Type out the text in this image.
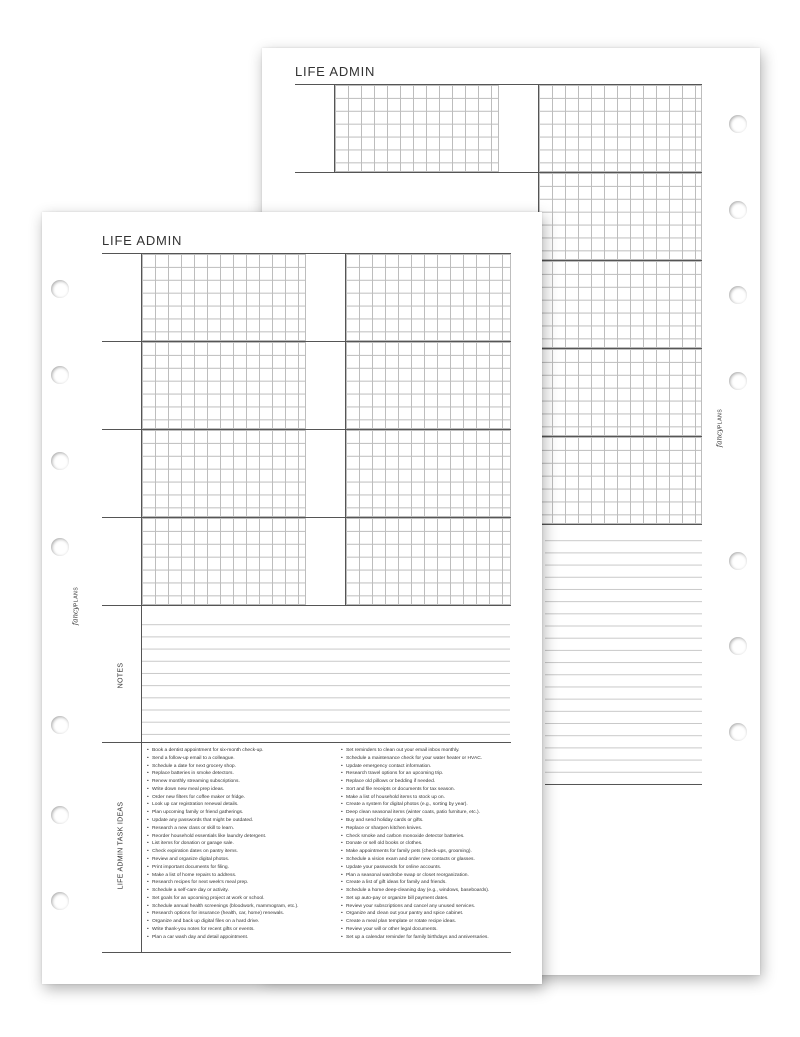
LIFE ADMIN
fancyPLANS
LIFE ADMIN
NOTES
LIFE ADMIN TASK IDEAS
• Book a dentist appointment for six-month check-up.
• Send a follow-up email to a colleague.
• Schedule a date for next grocery shop.
• Replace batteries in smoke detectors.
• Renew monthly streaming subscriptions.
• Write down new meal prep ideas.
• Order new filters for coffee maker or fridge.
• Look up car registration renewal details.
• Plan upcoming family or friend gatherings.
• Update any passwords that might be outdated.
• Research a new class or skill to learn.
• Reorder household essentials like laundry detergent.
• List items for donation or garage sale.
• Check expiration dates on pantry items.
• Review and organize digital photos.
• Print important documents for filing.
• Make a list of home repairs to address.
• Research recipes for next week's meal prep.
• Schedule a self-care day or activity.
• Set goals for an upcoming project at work or school.
• Schedule annual health screenings (bloodwork, mammogram, etc.).
• Research options for insurance (health, car, home) renewals.
• Organize and back up digital files on a hard drive.
• Write thank-you notes for recent gifts or events.
• Plan a car wash day and detail appointment.
• Set reminders to clean out your email inbox monthly.
• Schedule a maintenance check for your water heater or HVAC.
• Update emergency contact information.
• Research travel options for an upcoming trip.
• Replace old pillows or bedding if needed.
• Sort and file receipts or documents for tax season.
• Make a list of household items to stock up on.
• Create a system for digital photos (e.g., sorting by year).
• Deep clean seasonal items (winter coats, patio furniture, etc.).
• Buy and send holiday cards or gifts.
• Replace or sharpen kitchen knives.
• Check smoke and carbon monoxide detector batteries.
• Donate or sell old books or clothes.
• Make appointments for family pets (check-ups, grooming).
• Schedule a vision exam and order new contacts or glasses.
• Update your passwords for online accounts.
• Plan a seasonal wardrobe swap or closet reorganization.
• Create a list of gift ideas for family and friends.
• Schedule a home deep-cleaning day (e.g., windows, baseboards).
• Set up auto-pay or organize bill payment dates.
• Review your subscriptions and cancel any unused services.
• Organize and clean out your pantry and spice cabinet.
• Create a meal plan template or rotate recipe ideas.
• Review your will or other legal documents.
• Set up a calendar reminder for family birthdays and anniversaries.
fancyPLANS
